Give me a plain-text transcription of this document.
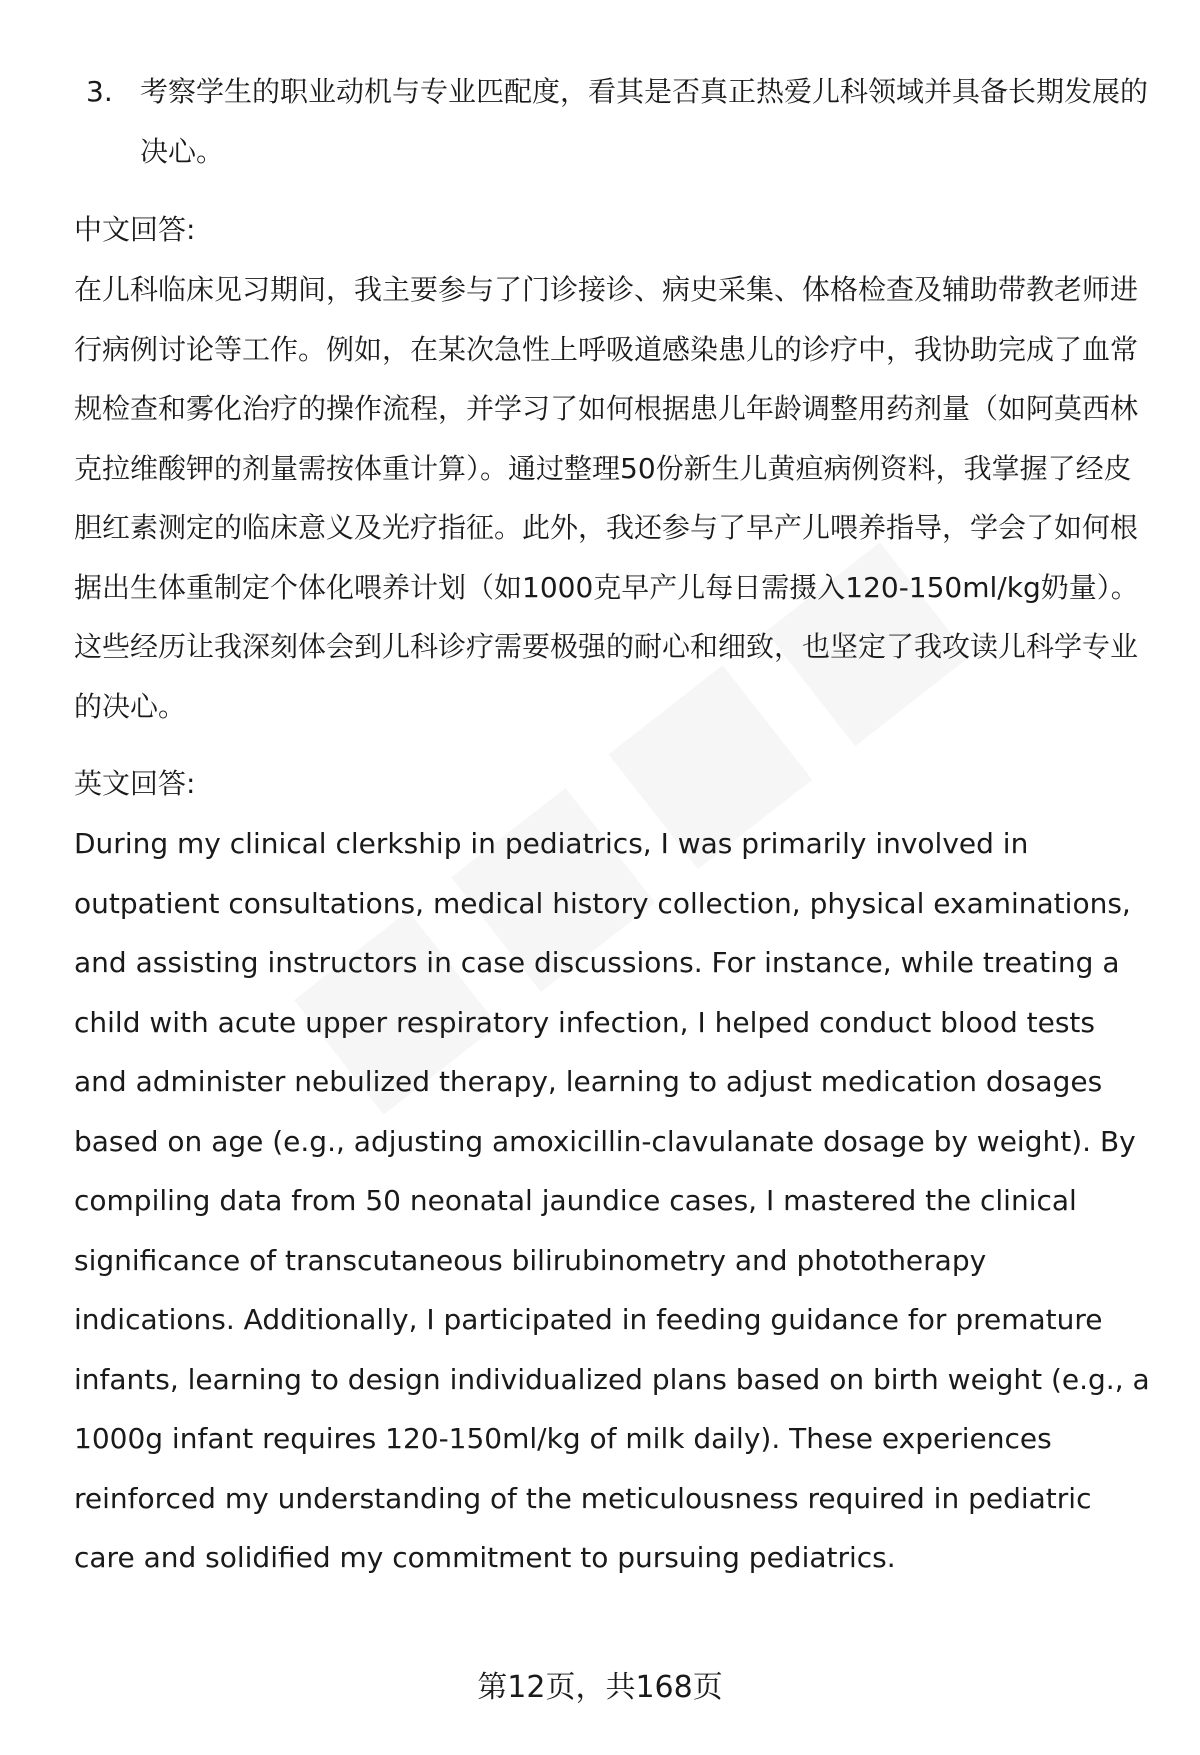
3. 考察学生的职业动机与专业匹配度，看其是否真正热爱儿科领域并具备长期发展的决心。

中文回答:

在儿科临床见习期间，我主要参与了门诊接诊、病史采集、体格检查及辅助带教老师进行病例讨论等工作。例如，在某次急性上呼吸道感染患儿的诊疗中，我协助完成了血常规检查和雾化治疗的操作流程，并学习了如何根据患儿年龄调整用药剂量（如阿莫西林克拉维酸钾的剂量需按体重计算）。通过整理50份新生儿黄疸病例资料，我掌握了经皮胆红素测定的临床意义及光疗指征。此外，我还参与了早产儿喂养指导，学会了如何根据出生体重制定个体化喂养计划（如1000克早产儿每日需摄入120-150ml/kg奶量）。这些经历让我深刻体会到儿科诊疗需要极强的耐心和细致，也坚定了我攻读儿科学专业的决心。

英文回答:

During my clinical clerkship in pediatrics, I was primarily involved in outpatient consultations, medical history collection, physical examinations, and assisting instructors in case discussions. For instance, while treating a child with acute upper respiratory infection, I helped conduct blood tests and administer nebulized therapy, learning to adjust medication dosages based on age (e.g., adjusting amoxicillin-clavulanate dosage by weight). By compiling data from 50 neonatal jaundice cases, I mastered the clinical significance of transcutaneous bilirubinometry and phototherapy indications. Additionally, I participated in feeding guidance for premature infants, learning to design individualized plans based on birth weight (e.g., a 1000g infant requires 120-150ml/kg of milk daily). These experiences reinforced my understanding of the meticulousness required in pediatric care and solidified my commitment to pursuing pediatrics.

第12页，共168页
